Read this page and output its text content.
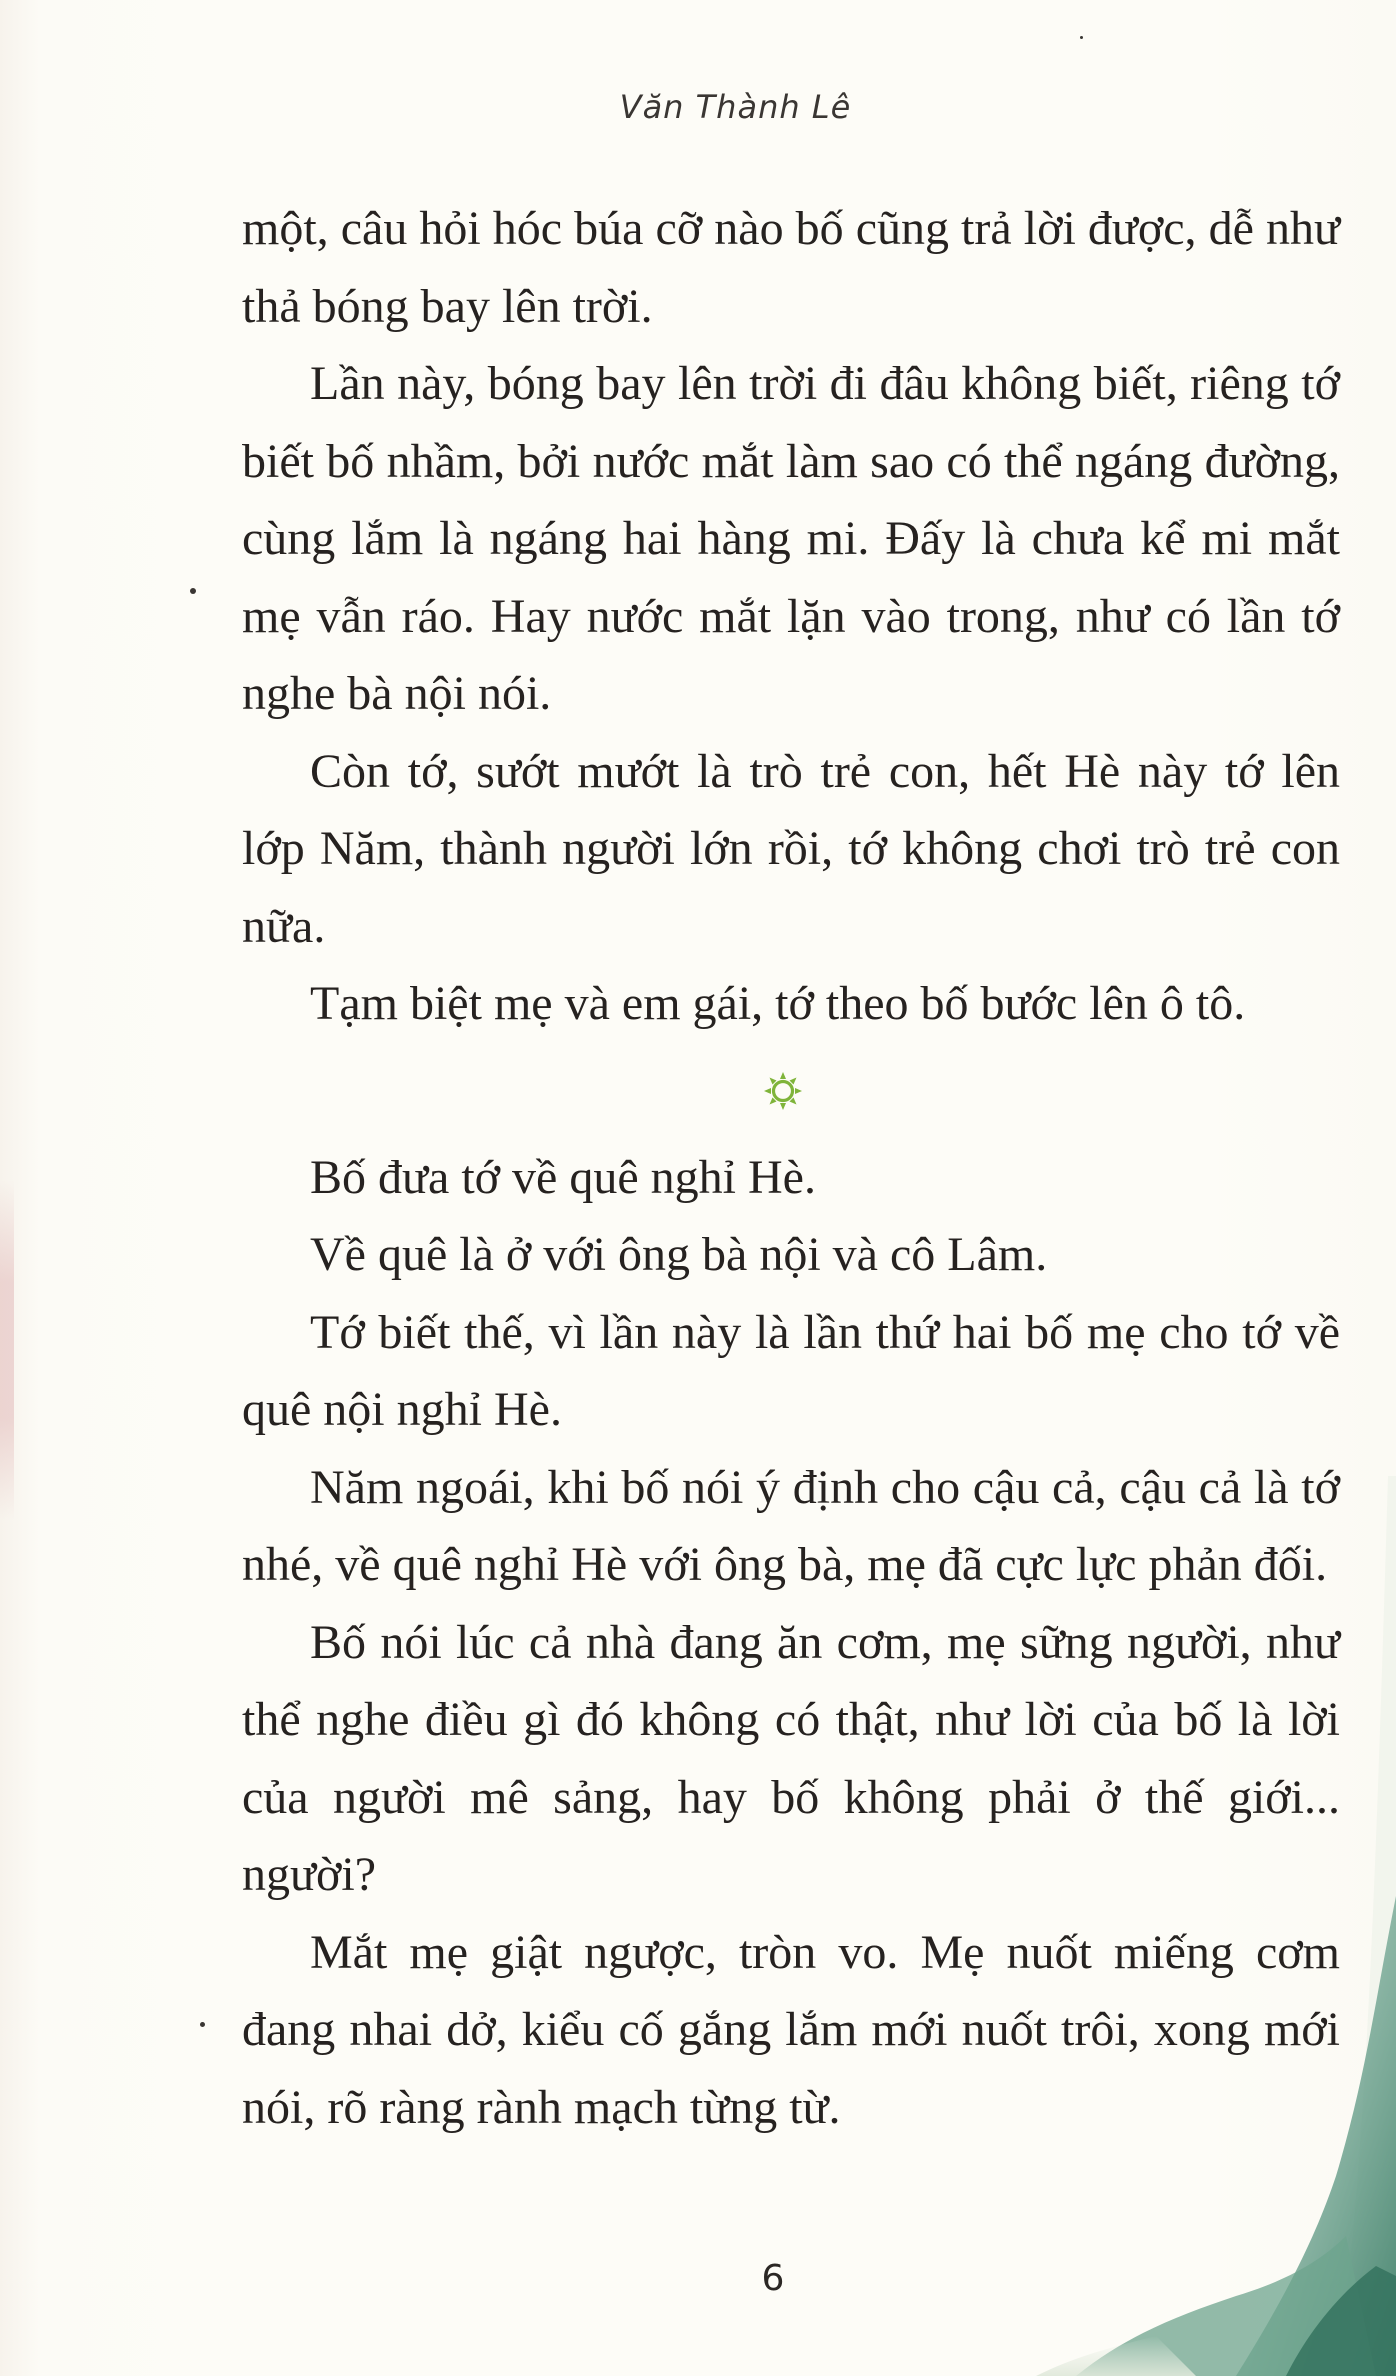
Văn Thành Lê

một, câu hỏi hóc búa cỡ nào bố cũng trả lời được, dễ như thả bóng bay lên trời.

Lần này, bóng bay lên trời đi đâu không biết, riêng tớ biết bố nhầm, bởi nước mắt làm sao có thể ngáng đường, cùng lắm là ngáng hai hàng mi. Đấy là chưa kể mi mắt mẹ vẫn ráo. Hay nước mắt lặn vào trong, như có lần tớ nghe bà nội nói.

Còn tớ, sướt mướt là trò trẻ con, hết Hè này tớ lên lớp Năm, thành người lớn rồi, tớ không chơi trò trẻ con nữa.

Tạm biệt mẹ và em gái, tớ theo bố bước lên ô tô.

Bố đưa tớ về quê nghỉ Hè.

Về quê là ở với ông bà nội và cô Lâm.

Tớ biết thế, vì lần này là lần thứ hai bố mẹ cho tớ về quê nội nghỉ Hè.

Năm ngoái, khi bố nói ý định cho cậu cả, cậu cả là tớ nhé, về quê nghỉ Hè với ông bà, mẹ đã cực lực phản đối.

Bố nói lúc cả nhà đang ăn cơm, mẹ sững người, như thể nghe điều gì đó không có thật, như lời của bố là lời của người mê sảng, hay bố không phải ở thế giới... người?

Mắt mẹ giật ngược, tròn vo. Mẹ nuốt miếng cơm đang nhai dở, kiểu cố gắng lắm mới nuốt trôi, xong mới nói, rõ ràng rành mạch từng từ.

6
